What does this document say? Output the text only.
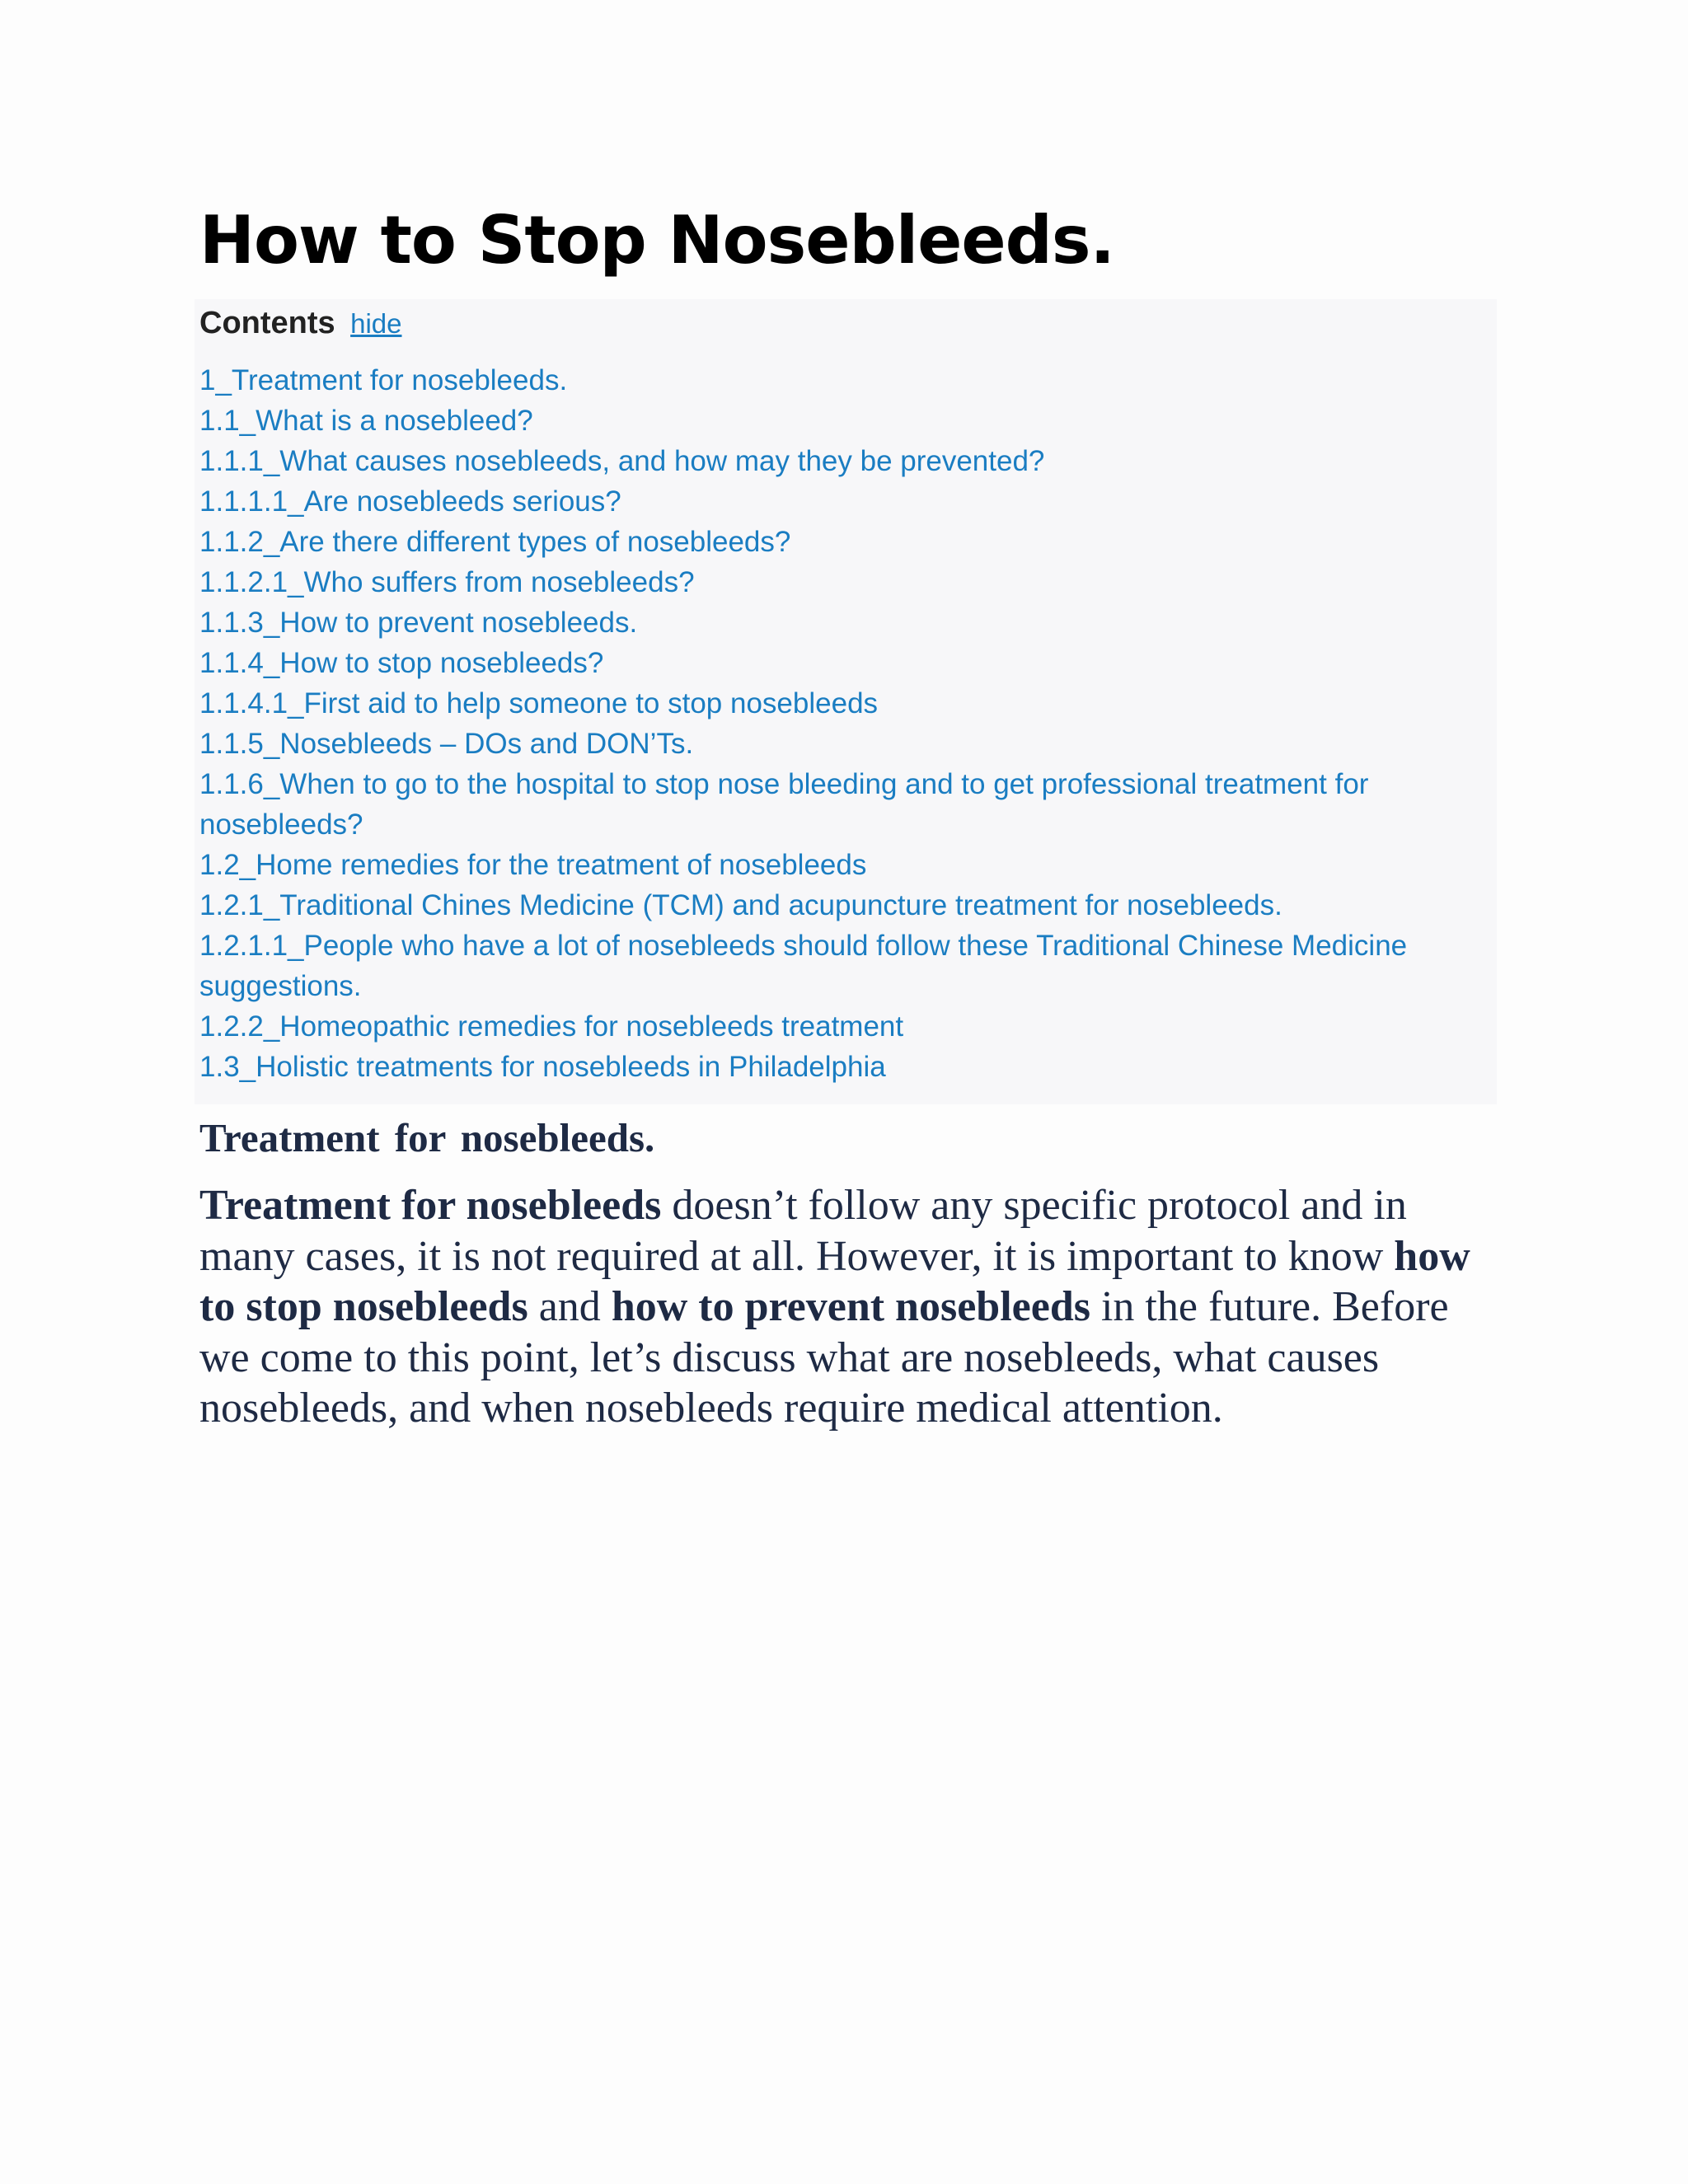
How to Stop Nosebleeds.
Contents hide
1_Treatment for nosebleeds.
1.1_What is a nosebleed?
1.1.1_What causes nosebleeds, and how may they be prevented?
1.1.1.1_Are nosebleeds serious?
1.1.2_Are there different types of nosebleeds?
1.1.2.1_Who suffers from nosebleeds?
1.1.3_How to prevent nosebleeds.
1.1.4_How to stop nosebleeds?
1.1.4.1_First aid to help someone to stop nosebleeds
1.1.5_Nosebleeds – DOs and DON’Ts.
1.1.6_When to go to the hospital to stop nose bleeding and to get professional treatment for nosebleeds?
1.2_Home remedies for the treatment of nosebleeds
1.2.1_Traditional Chines Medicine (TCM) and acupuncture treatment for nosebleeds.
1.2.1.1_People who have a lot of nosebleeds should follow these Traditional Chinese Medicine suggestions.
1.2.2_Homeopathic remedies for nosebleeds treatment
1.3_Holistic treatments for nosebleeds in Philadelphia
Treatment for nosebleeds.

Treatment for nosebleeds doesn’t follow any specific protocol and in many cases, it is not required at all. However, it is important to know how to stop nosebleeds and how to prevent nosebleeds in the future. Before we come to this point, let’s discuss what are nosebleeds, what causes nosebleeds, and when nosebleeds require medical attention.
